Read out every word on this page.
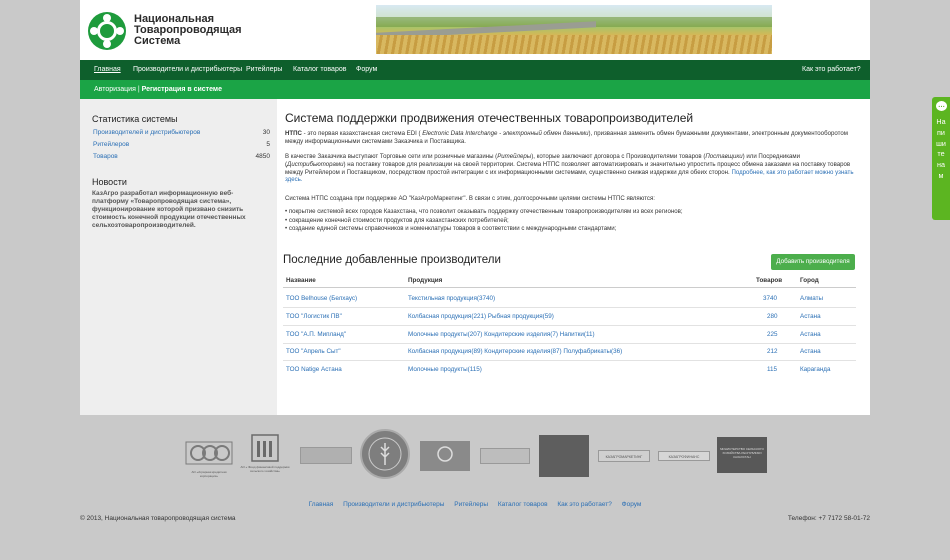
Национальная
Товаропроводящая
Система
Главная Производители и дистрибьютеры Ритейлеры Каталог товаров Форум	Как это работает?
Авторизация | Регистрация в системе
Статистика системы
Производителей и дистрибьютеров	30
Ритейлеров	5
Товаров	4850
Новости
КазАгро разработал информационную веб-платформу «Товаропроводящая система», функционирование которой призвано снизить стоимость конечной продукции отечественных сельхозтоваропроизводителей.
Система поддержки продвижения отечественных товаропроизводителей
НТПС - это первая казахстанская система EDI ( Electronic Data Interchange - электронный обмен данными), призванная заменить обмен бумажными документами, электронным документооборотом между информационными системами Заказчика и Поставщика.
В качестве Заказчика выступают Торговые сети или розничные магазины (Ритейлеры), которые заключают договора с Производителями товаров (Поставщики) или Посредниками (Дистрибьюторами) на поставку товаров для реализации на своей территории. Система НТПС позволяет автоматизировать и значительно упростить процесс обмена заказами на поставку товаров между Ритейлером и Поставщиком, посредством простой интеграции с их информационными системами, существенно снижая издержки для обеих сторон. Подробнее, как это работает можно узнать здесь.
Система НТПС создана при поддержке АО "КазАгроМаркетинг". В связи с этим, долгосрочными целями системы НТПС являются:
• покрытие системой всех городов Казахстана, что позволит оказывать поддержку отечественным товаропроизводителям из всех регионов;
• сокращение конечной стоимости продуктов для казахстанских потребителей;
• создание единой системы справочников и номенклатуры товаров в соответствии с международными стандартами;
Последние добавленные производители	Добавить производителя
Название	Продукция	Товаров	Город
ТОО Belhouse (Белхаус)	Текстильная продукция(3740)	3740	Алматы
ТОО "Логистик ПВ"	Колбасная продукция(221) Рыбная продукция(59)	280	Астана
ТОО "А.П. Мипланд"	Молочные продукты(207) Кондитерские изделия(7) Напитки(11)	225	Астана
ТОО "Апрель Сыт"	Колбасная продукция(89) Кондитерские изделия(87) Полуфабрикаты(36)	212	Астана
ТОО Natige Астана	Молочные продукты(115)	115	Караганда
АО «Аграрная кредитная корпорация»
АО « Фонд финансовой поддержки сельского хозяйства»
КАЗАГРОМАРКЕТИНГ	КАЗАГРОФИНАНС
МИНИСТЕРСТВО СЕЛЬСКОГО ХОЗЯЙСТВА РЕСПУБЛИКИ КАЗАХСТАН
Главная Производители и дистрибьютеры Ритейлеры Каталог товаров Как это работает? Форум
© 2013, Национальная товаропроводящая система	Телефон: +7 7172 58-01-72
…
Напишите нам
